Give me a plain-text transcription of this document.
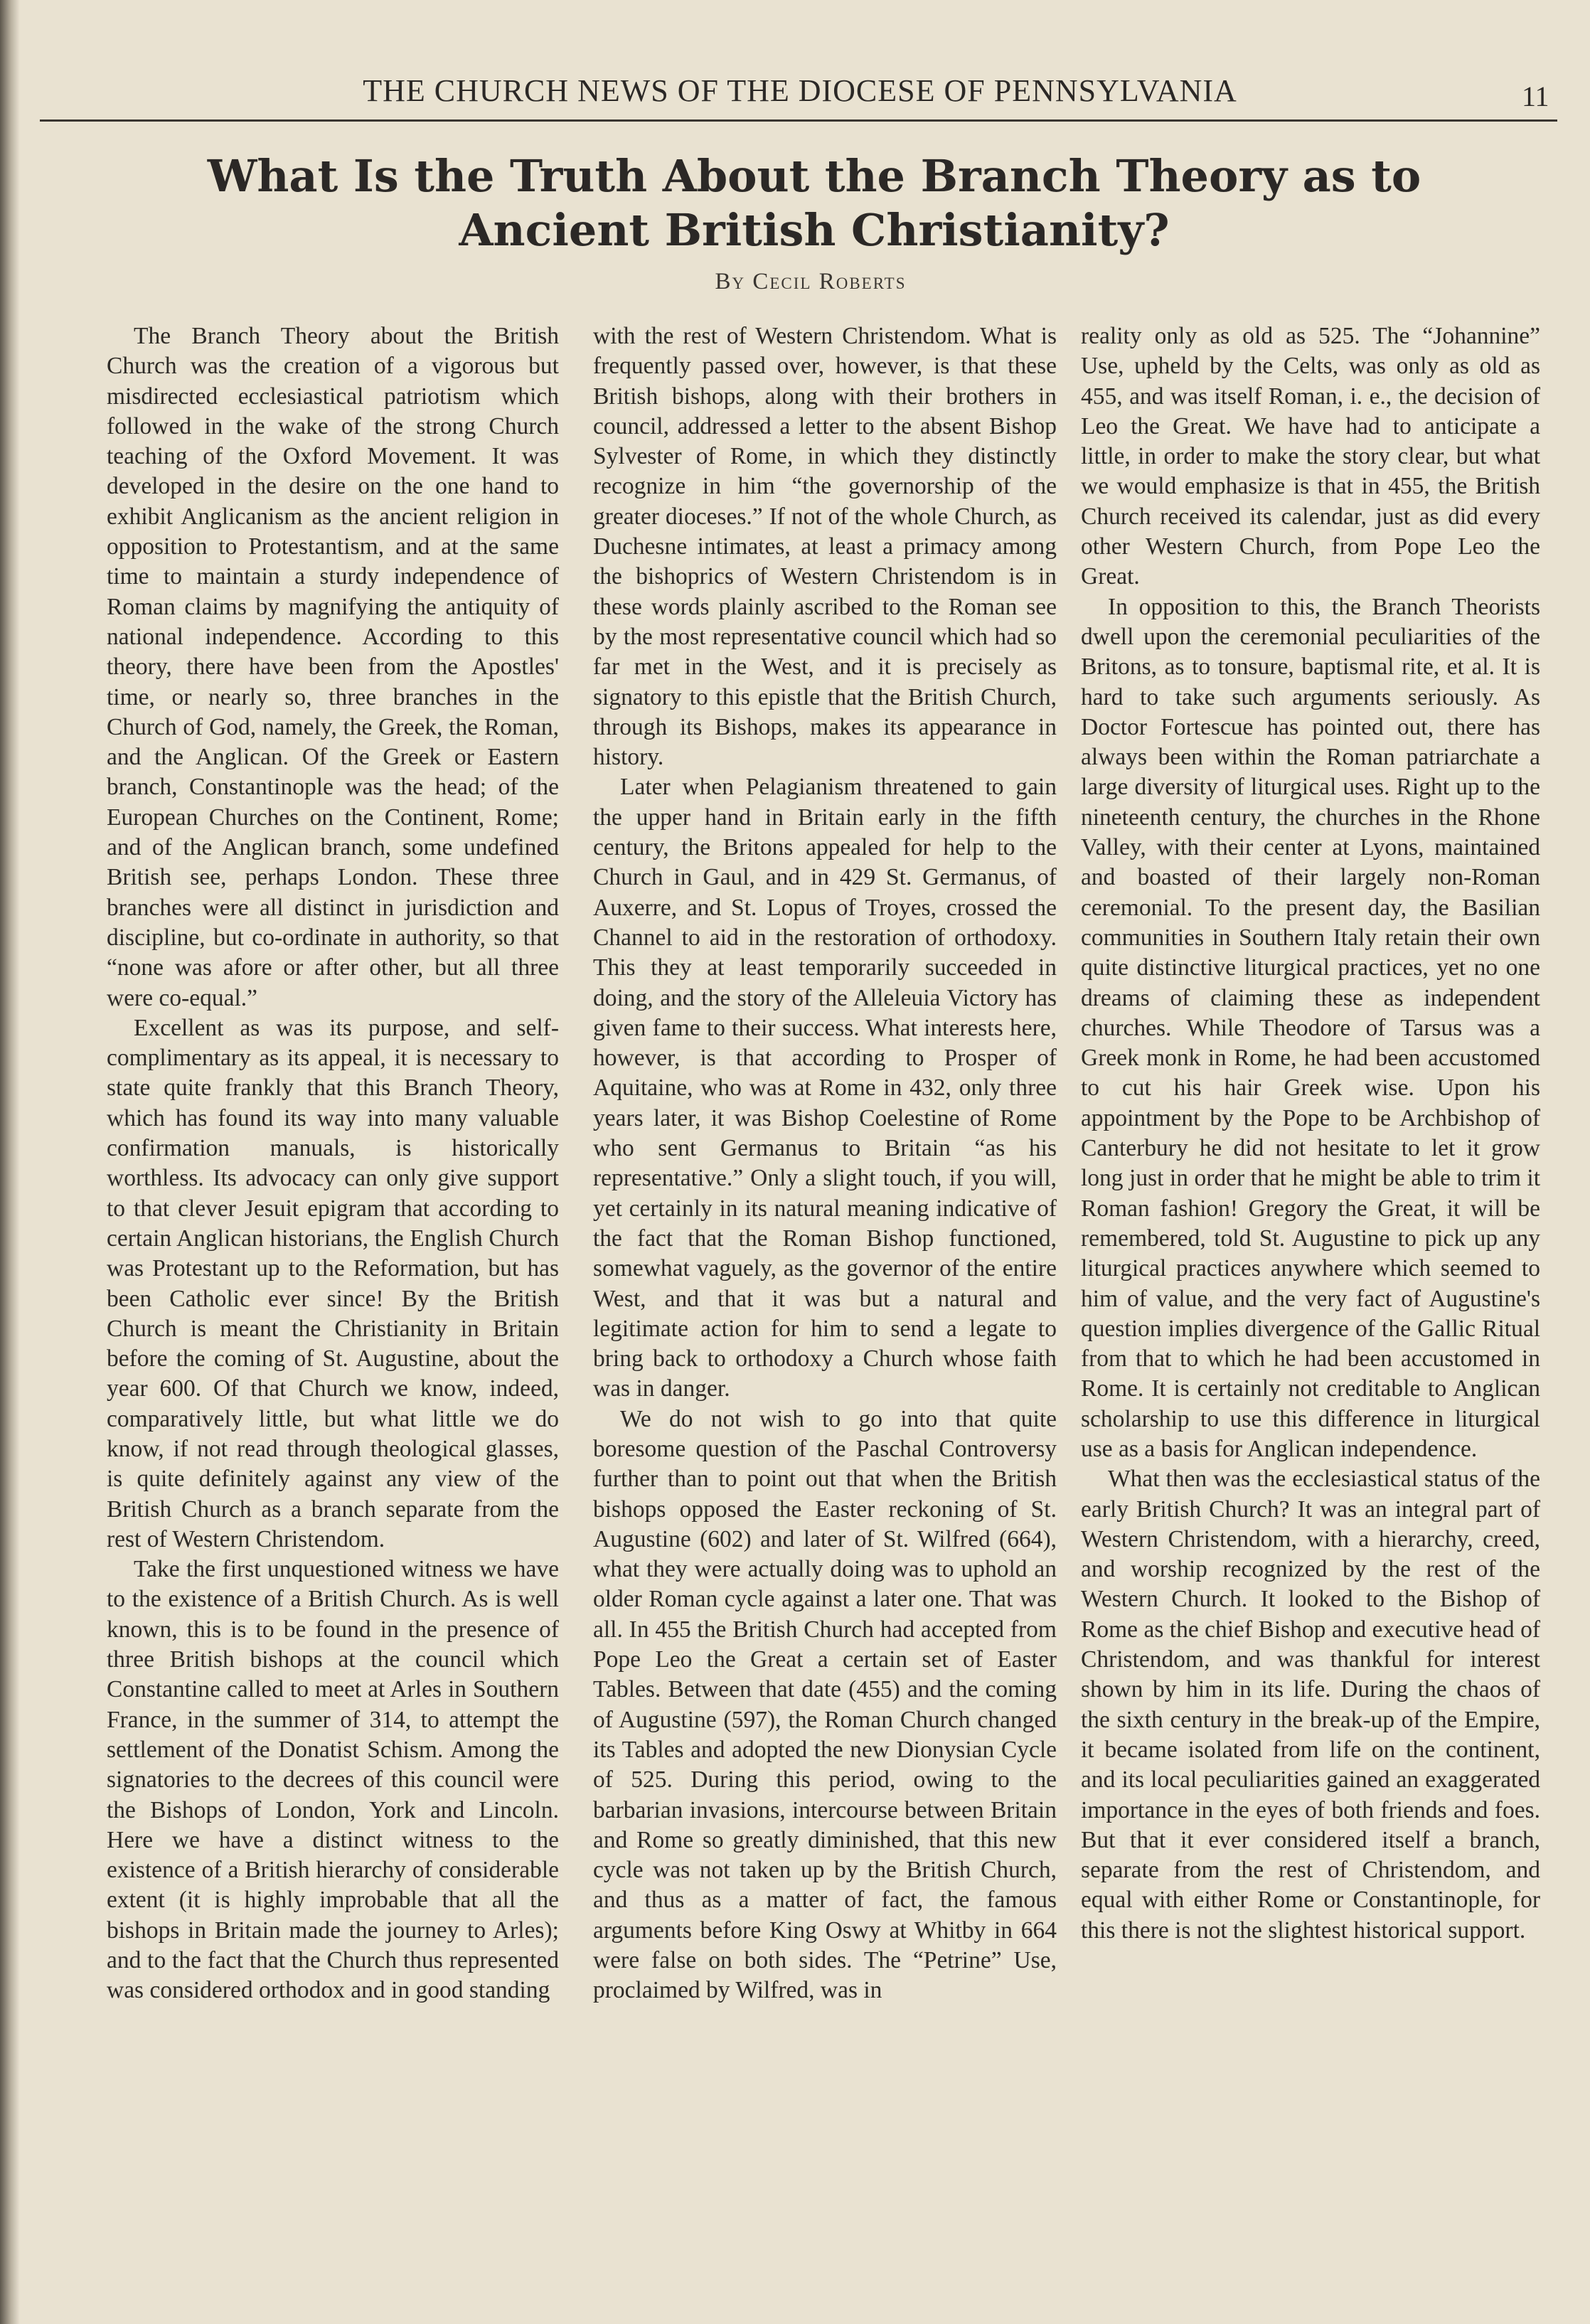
THE CHURCH NEWS OF THE DIOCESE OF PENNSYLVANIA	11
What Is the Truth About the Branch Theory as to
Ancient British Christianity?
By Cecil Roberts

The Branch Theory about the British Church was the creation of a vigorous but misdirected ecclesiastical patriotism which followed in the wake of the strong Church teaching of the Oxford Movement. It was developed in the desire on the one hand to exhibit Anglicanism as the ancient religion in opposition to Protestantism, and at the same time to maintain a sturdy independence of Roman claims by magnifying the antiquity of national independence. According to this theory, there have been from the Apostles' time, or nearly so, three branches in the Church of God, namely, the Greek, the Roman, and the Anglican. Of the Greek or Eastern branch, Constantinople was the head; of the European Churches on the Continent, Rome; and of the Anglican branch, some undefined British see, perhaps London. These three branches were all distinct in jurisdiction and discipline, but co-ordinate in authority, so that “none was afore or after other, but all three were co-equal.”

Excellent as was its purpose, and self-complimentary as its appeal, it is necessary to state quite frankly that this Branch Theory, which has found its way into many valuable confirmation manuals, is historically worthless. Its advocacy can only give support to that clever Jesuit epigram that according to certain Anglican historians, the English Church was Protestant up to the Reformation, but has been Catholic ever since! By the British Church is meant the Christianity in Britain before the coming of St. Augustine, about the year 600. Of that Church we know, indeed, comparatively little, but what little we do know, if not read through theological glasses, is quite definitely against any view of the British Church as a branch separate from the rest of Western Christendom.

Take the first unquestioned witness we have to the existence of a British Church. As is well known, this is to be found in the presence of three British bishops at the council which Constantine called to meet at Arles in Southern France, in the summer of 314, to attempt the settlement of the Donatist Schism. Among the signatories to the decrees of this council were the Bishops of London, York and Lincoln. Here we have a distinct witness to the existence of a British hierarchy of considerable extent (it is highly improbable that all the bishops in Britain made the journey to Arles); and to the fact that the Church thus represented was considered orthodox and in good standing

with the rest of Western Christendom. What is frequently passed over, however, is that these British bishops, along with their brothers in council, addressed a letter to the absent Bishop Sylvester of Rome, in which they distinctly recognize in him “the governorship of the greater dioceses.” If not of the whole Church, as Duchesne intimates, at least a primacy among the bishoprics of Western Christendom is in these words plainly ascribed to the Roman see by the most representative council which had so far met in the West, and it is precisely as signatory to this epistle that the British Church, through its Bishops, makes its appearance in history.

Later when Pelagianism threatened to gain the upper hand in Britain early in the fifth century, the Britons appealed for help to the Church in Gaul, and in 429 St. Germanus, of Auxerre, and St. Lopus of Troyes, crossed the Channel to aid in the restoration of orthodoxy. This they at least temporarily succeeded in doing, and the story of the Alleleuia Victory has given fame to their success. What interests here, however, is that according to Prosper of Aquitaine, who was at Rome in 432, only three years later, it was Bishop Coelestine of Rome who sent Germanus to Britain “as his representative.” Only a slight touch, if you will, yet certainly in its natural meaning indicative of the fact that the Roman Bishop functioned, somewhat vaguely, as the governor of the entire West, and that it was but a natural and legitimate action for him to send a legate to bring back to orthodoxy a Church whose faith was in danger.

We do not wish to go into that quite boresome question of the Paschal Controversy further than to point out that when the British bishops opposed the Easter reckoning of St. Augustine (602) and later of St. Wilfred (664), what they were actually doing was to uphold an older Roman cycle against a later one. That was all. In 455 the British Church had accepted from Pope Leo the Great a certain set of Easter Tables. Between that date (455) and the coming of Augustine (597), the Roman Church changed its Tables and adopted the new Dionysian Cycle of 525. During this period, owing to the barbarian invasions, intercourse between Britain and Rome so greatly diminished, that this new cycle was not taken up by the British Church, and thus as a matter of fact, the famous arguments before King Oswy at Whitby in 664 were false on both sides. The “Petrine” Use, proclaimed by Wilfred, was in

reality only as old as 525. The “Johannine” Use, upheld by the Celts, was only as old as 455, and was itself Roman, i. e., the decision of Leo the Great. We have had to anticipate a little, in order to make the story clear, but what we would emphasize is that in 455, the British Church received its calendar, just as did every other Western Church, from Pope Leo the Great.

In opposition to this, the Branch Theorists dwell upon the ceremonial peculiarities of the Britons, as to tonsure, baptismal rite, et al. It is hard to take such arguments seriously. As Doctor Fortescue has pointed out, there has always been within the Roman patriarchate a large diversity of liturgical uses. Right up to the nineteenth century, the churches in the Rhone Valley, with their center at Lyons, maintained and boasted of their largely non-Roman ceremonial. To the present day, the Basilian communities in Southern Italy retain their own quite distinctive liturgical practices, yet no one dreams of claiming these as independent churches. While Theodore of Tarsus was a Greek monk in Rome, he had been accustomed to cut his hair Greek wise. Upon his appointment by the Pope to be Archbishop of Canterbury he did not hesitate to let it grow long just in order that he might be able to trim it Roman fashion! Gregory the Great, it will be remembered, told St. Augustine to pick up any liturgical practices anywhere which seemed to him of value, and the very fact of Augustine's question implies divergence of the Gallic Ritual from that to which he had been accustomed in Rome. It is certainly not creditable to Anglican scholarship to use this difference in liturgical use as a basis for Anglican independence.

What then was the ecclesiastical status of the early British Church? It was an integral part of Western Christendom, with a hierarchy, creed, and worship recognized by the rest of the Western Church. It looked to the Bishop of Rome as the chief Bishop and executive head of Christendom, and was thankful for interest shown by him in its life. During the chaos of the sixth century in the break-up of the Empire, it became isolated from life on the continent, and its local peculiarities gained an exaggerated importance in the eyes of both friends and foes. But that it ever considered itself a branch, separate from the rest of Christendom, and equal with either Rome or Constantinople, for this there is not the slightest historical support.
